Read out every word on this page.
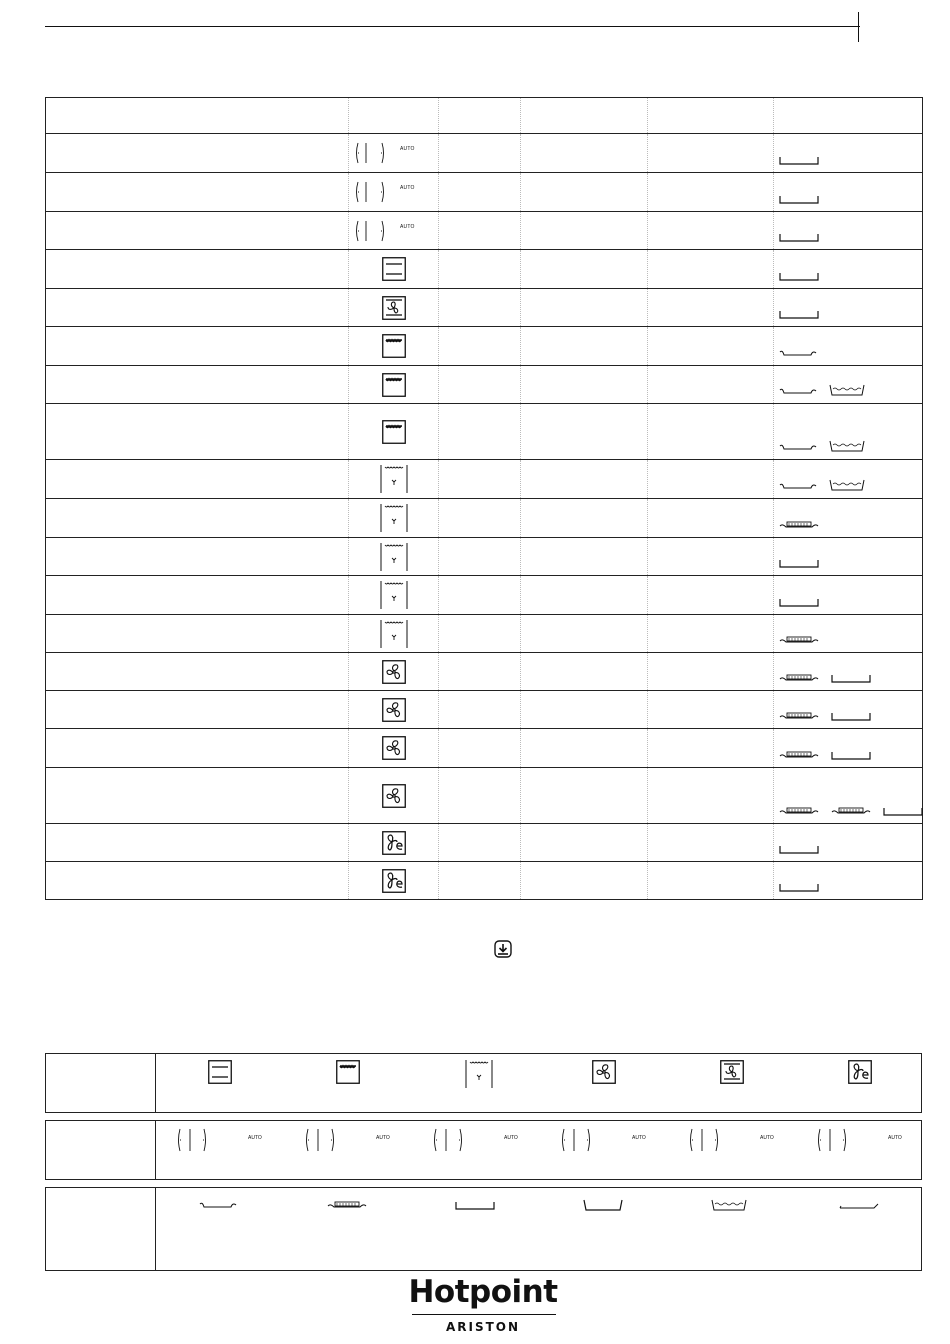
	AUTO

	AUTO

	AUTO

AUTO	AUTO	AUTO	AUTO	AUTO	AUTO
Hotpoint
ARISTON
